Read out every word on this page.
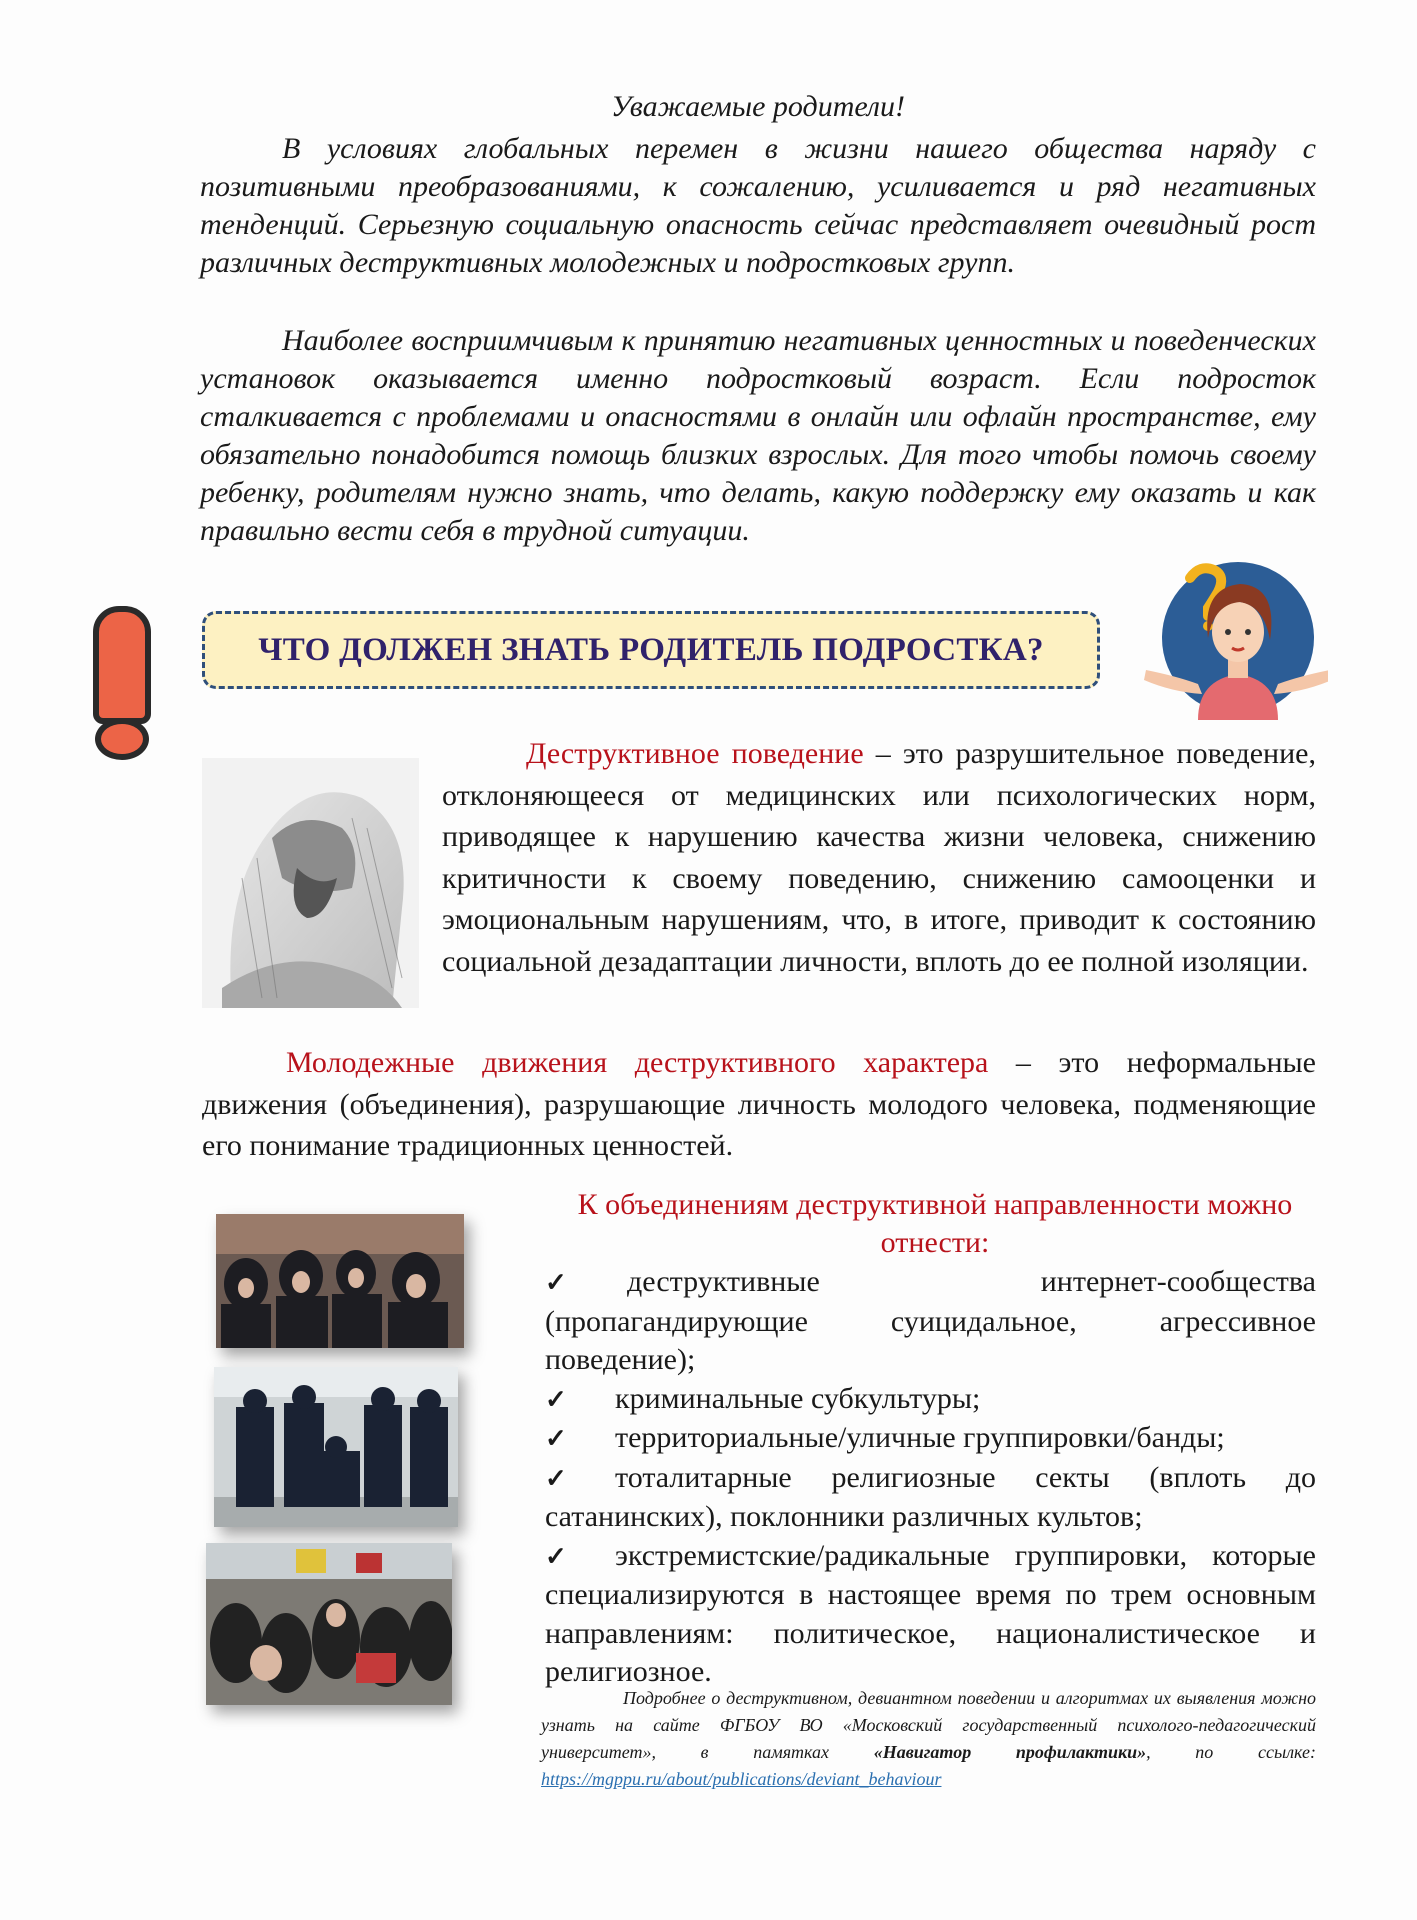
Уважаемые родители!

В условиях глобальных перемен в жизни нашего общества наряду с позитивными преобразованиями, к сожалению, усиливается и ряд негативных тенденций. Серьезную социальную опасность сейчас представляет очевидный рост различных деструктивных молодежных и подростковых групп.

Наиболее восприимчивым к принятию негативных ценностных и поведенческих установок оказывается именно подростковый возраст. Если подросток сталкивается с проблемами и опасностями в онлайн или офлайн пространстве, ему обязательно понадобится помощь близких взрослых. Для того чтобы помочь своему ребенку, родителям нужно знать, что делать, какую поддержку ему оказать и как правильно вести себя в трудной ситуации.

ЧТО ДОЛЖЕН ЗНАТЬ РОДИТЕЛЬ ПОДРОСТКА?

Деструктивное поведение – это разрушительное поведение, отклоняющееся от медицинских или психологических норм, приводящее к нарушению качества жизни человека, снижению критичности к своему поведению, снижению самооценки и эмоциональным нарушениям, что, в итоге, приводит к состоянию социальной дезадаптации личности, вплоть до ее полной изоляции.

Молодежные движения деструктивного характера – это неформальные движения (объединения), разрушающие личность молодого человека, подменяющие его понимание традиционных ценностей.

К объединениям деструктивной направленности можно отнести:

✓ деструктивные интернет-сообщества (пропагандирующие суицидальное, агрессивное поведение);
✓ криминальные субкультуры;
✓ территориальные/уличные группировки/банды;
✓ тоталитарные религиозные секты (вплоть до сатанинских), поклонники различных культов;
✓ экстремистские/радикальные группировки, которые специализируются в настоящее время по трем основным направлениям: политическое, националистическое и религиозное.

Подробнее о деструктивном, девиантном поведении и алгоритмах их выявления можно узнать на сайте ФГБОУ ВО «Московский государственный психолого-педагогический университет», в памятках «Навигатор профилактики», по ссылке: https://mgppu.ru/about/publications/deviant_behaviour
